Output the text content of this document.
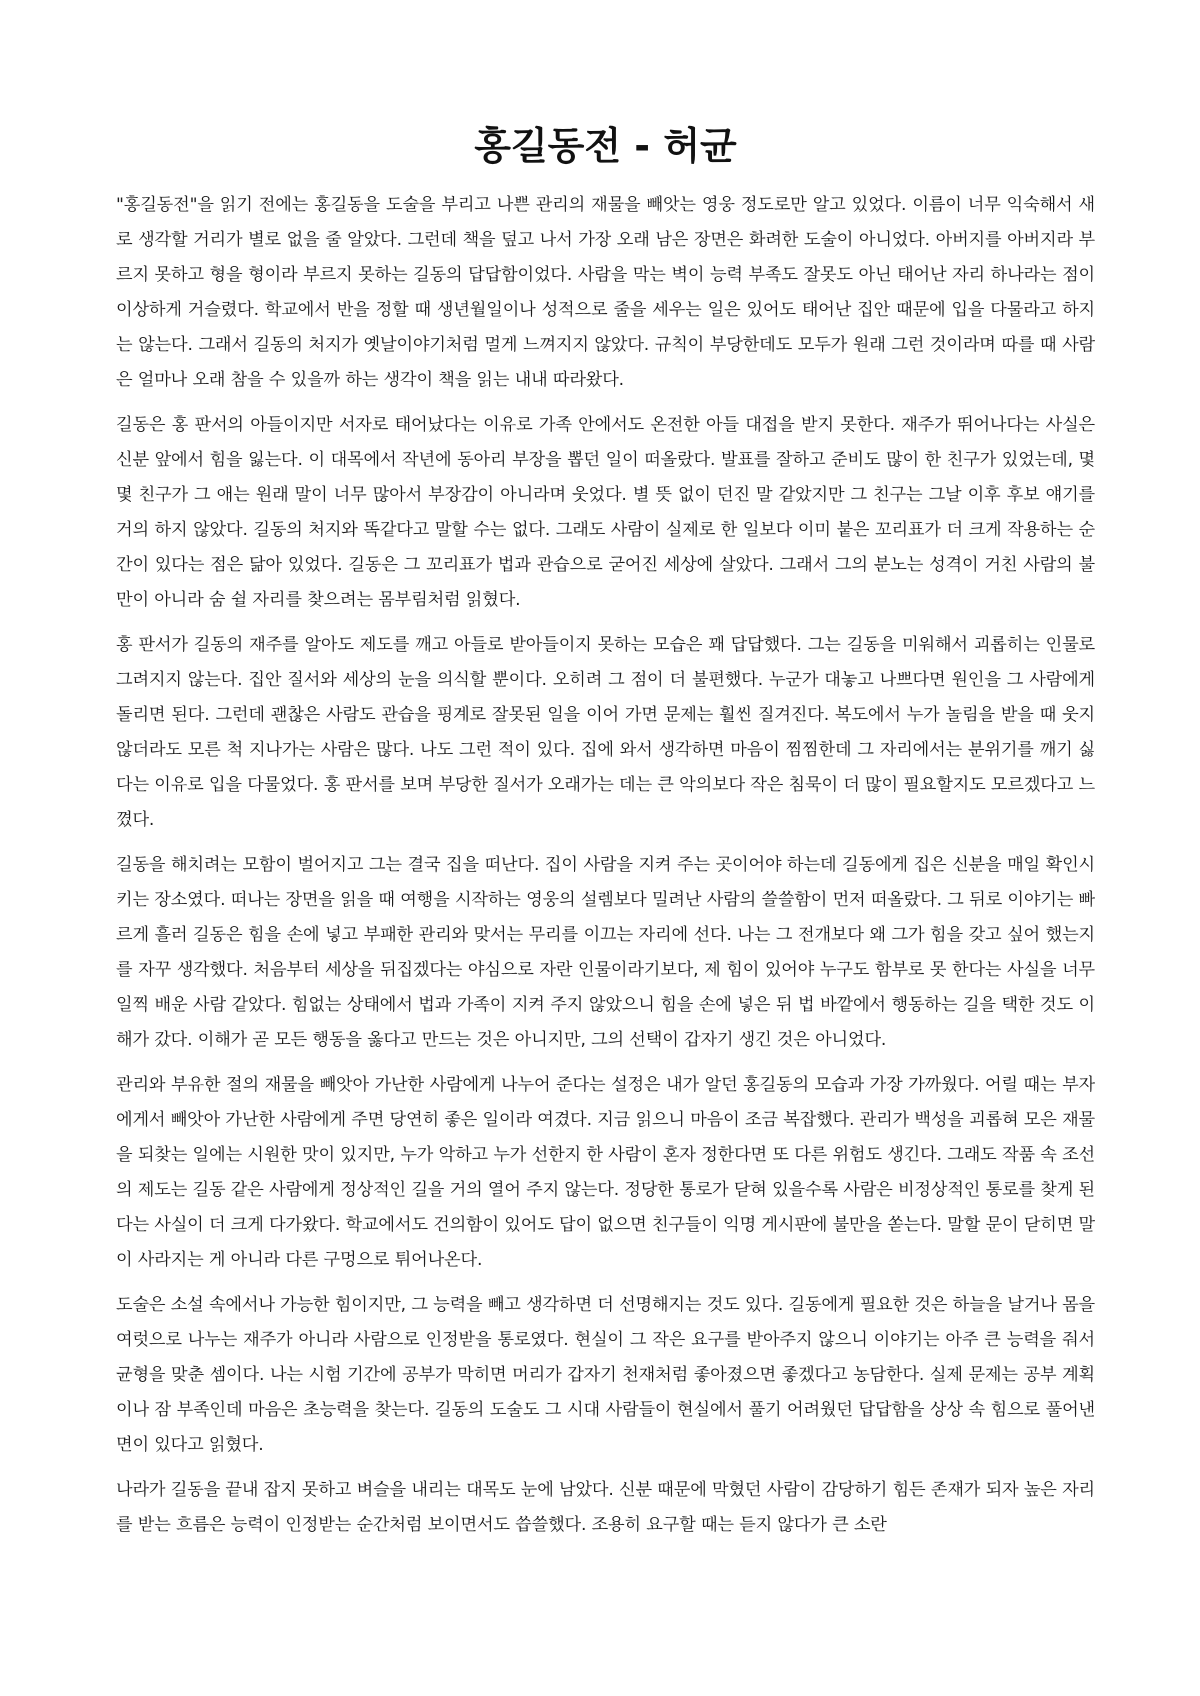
홍길동전 - 허균

"홍길동전"을 읽기 전에는 홍길동을 도술을 부리고 나쁜 관리의 재물을 빼앗는 영웅 정도로만 알고 있었다. 이름이 너무 익숙해서 새로 생각할 거리가 별로 없을 줄 알았다. 그런데 책을 덮고 나서 가장 오래 남은 장면은 화려한 도술이 아니었다. 아버지를 아버지라 부르지 못하고 형을 형이라 부르지 못하는 길동의 답답함이었다. 사람을 막는 벽이 능력 부족도 잘못도 아닌 태어난 자리 하나라는 점이 이상하게 거슬렸다. 학교에서 반을 정할 때 생년월일이나 성적으로 줄을 세우는 일은 있어도 태어난 집안 때문에 입을 다물라고 하지는 않는다. 그래서 길동의 처지가 옛날이야기처럼 멀게 느껴지지 않았다. 규칙이 부당한데도 모두가 원래 그런 것이라며 따를 때 사람은 얼마나 오래 참을 수 있을까 하는 생각이 책을 읽는 내내 따라왔다.

길동은 홍 판서의 아들이지만 서자로 태어났다는 이유로 가족 안에서도 온전한 아들 대접을 받지 못한다. 재주가 뛰어나다는 사실은 신분 앞에서 힘을 잃는다. 이 대목에서 작년에 동아리 부장을 뽑던 일이 떠올랐다. 발표를 잘하고 준비도 많이 한 친구가 있었는데, 몇몇 친구가 그 애는 원래 말이 너무 많아서 부장감이 아니라며 웃었다. 별 뜻 없이 던진 말 같았지만 그 친구는 그날 이후 후보 얘기를 거의 하지 않았다. 길동의 처지와 똑같다고 말할 수는 없다. 그래도 사람이 실제로 한 일보다 이미 붙은 꼬리표가 더 크게 작용하는 순간이 있다는 점은 닮아 있었다. 길동은 그 꼬리표가 법과 관습으로 굳어진 세상에 살았다. 그래서 그의 분노는 성격이 거친 사람의 불만이 아니라 숨 쉴 자리를 찾으려는 몸부림처럼 읽혔다.

홍 판서가 길동의 재주를 알아도 제도를 깨고 아들로 받아들이지 못하는 모습은 꽤 답답했다. 그는 길동을 미워해서 괴롭히는 인물로 그려지지 않는다. 집안 질서와 세상의 눈을 의식할 뿐이다. 오히려 그 점이 더 불편했다. 누군가 대놓고 나쁘다면 원인을 그 사람에게 돌리면 된다. 그런데 괜찮은 사람도 관습을 핑계로 잘못된 일을 이어 가면 문제는 훨씬 질겨진다. 복도에서 누가 놀림을 받을 때 웃지 않더라도 모른 척 지나가는 사람은 많다. 나도 그런 적이 있다. 집에 와서 생각하면 마음이 찜찜한데 그 자리에서는 분위기를 깨기 싫다는 이유로 입을 다물었다. 홍 판서를 보며 부당한 질서가 오래가는 데는 큰 악의보다 작은 침묵이 더 많이 필요할지도 모르겠다고 느꼈다.

길동을 해치려는 모함이 벌어지고 그는 결국 집을 떠난다. 집이 사람을 지켜 주는 곳이어야 하는데 길동에게 집은 신분을 매일 확인시키는 장소였다. 떠나는 장면을 읽을 때 여행을 시작하는 영웅의 설렘보다 밀려난 사람의 쓸쓸함이 먼저 떠올랐다. 그 뒤로 이야기는 빠르게 흘러 길동은 힘을 손에 넣고 부패한 관리와 맞서는 무리를 이끄는 자리에 선다. 나는 그 전개보다 왜 그가 힘을 갖고 싶어 했는지를 자꾸 생각했다. 처음부터 세상을 뒤집겠다는 야심으로 자란 인물이라기보다, 제 힘이 있어야 누구도 함부로 못 한다는 사실을 너무 일찍 배운 사람 같았다. 힘없는 상태에서 법과 가족이 지켜 주지 않았으니 힘을 손에 넣은 뒤 법 바깥에서 행동하는 길을 택한 것도 이해가 갔다. 이해가 곧 모든 행동을 옳다고 만드는 것은 아니지만, 그의 선택이 갑자기 생긴 것은 아니었다.

관리와 부유한 절의 재물을 빼앗아 가난한 사람에게 나누어 준다는 설정은 내가 알던 홍길동의 모습과 가장 가까웠다. 어릴 때는 부자에게서 빼앗아 가난한 사람에게 주면 당연히 좋은 일이라 여겼다. 지금 읽으니 마음이 조금 복잡했다. 관리가 백성을 괴롭혀 모은 재물을 되찾는 일에는 시원한 맛이 있지만, 누가 악하고 누가 선한지 한 사람이 혼자 정한다면 또 다른 위험도 생긴다. 그래도 작품 속 조선의 제도는 길동 같은 사람에게 정상적인 길을 거의 열어 주지 않는다. 정당한 통로가 닫혀 있을수록 사람은 비정상적인 통로를 찾게 된다는 사실이 더 크게 다가왔다. 학교에서도 건의함이 있어도 답이 없으면 친구들이 익명 게시판에 불만을 쏟는다. 말할 문이 닫히면 말이 사라지는 게 아니라 다른 구멍으로 튀어나온다.

도술은 소설 속에서나 가능한 힘이지만, 그 능력을 빼고 생각하면 더 선명해지는 것도 있다. 길동에게 필요한 것은 하늘을 날거나 몸을 여럿으로 나누는 재주가 아니라 사람으로 인정받을 통로였다. 현실이 그 작은 요구를 받아주지 않으니 이야기는 아주 큰 능력을 줘서 균형을 맞춘 셈이다. 나는 시험 기간에 공부가 막히면 머리가 갑자기 천재처럼 좋아졌으면 좋겠다고 농담한다. 실제 문제는 공부 계획이나 잠 부족인데 마음은 초능력을 찾는다. 길동의 도술도 그 시대 사람들이 현실에서 풀기 어려웠던 답답함을 상상 속 힘으로 풀어낸 면이 있다고 읽혔다.

나라가 길동을 끝내 잡지 못하고 벼슬을 내리는 대목도 눈에 남았다. 신분 때문에 막혔던 사람이 감당하기 힘든 존재가 되자 높은 자리를 받는 흐름은 능력이 인정받는 순간처럼 보이면서도 씁쓸했다. 조용히 요구할 때는 듣지 않다가 큰 소란
